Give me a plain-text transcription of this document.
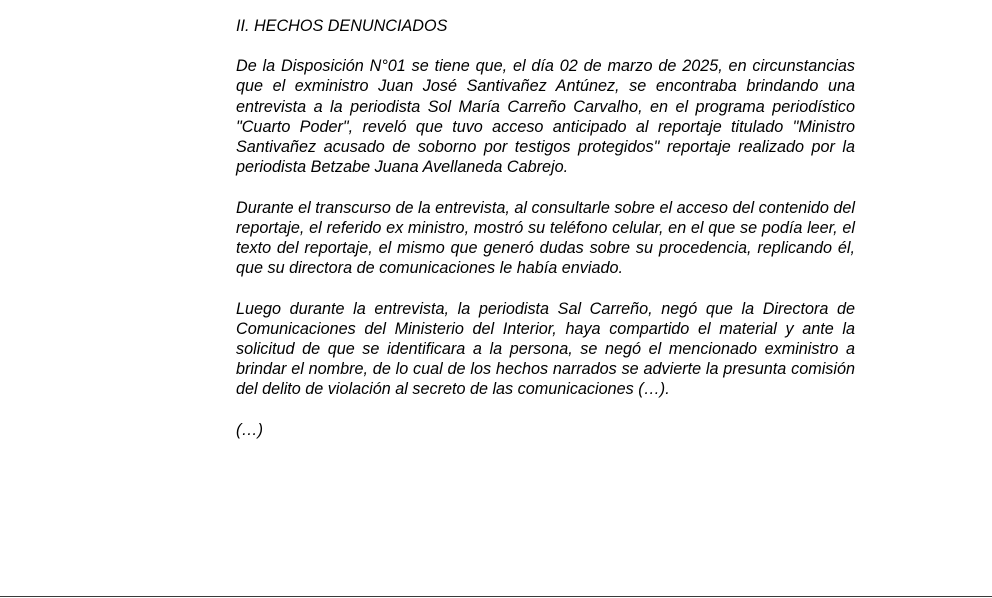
II. HECHOS DENUNCIADOS

De la Disposición N°01 se tiene que, el día 02 de marzo de 2025, en circunstancias que el exministro Juan José Santivañez Antúnez, se encontraba brindando una entrevista a la periodista Sol María Carreño Carvalho, en el programa periodístico "Cuarto Poder", reveló que tuvo acceso anticipado al reportaje titulado "Ministro Santivañez acusado de soborno por testigos protegidos" reportaje realizado por la periodista Betzabe Juana Avellaneda Cabrejo.

Durante el transcurso de la entrevista, al consultarle sobre el acceso del contenido del reportaje, el referido ex ministro, mostró su teléfono celular, en el que se podía leer, el texto del reportaje, el mismo que generó dudas sobre su procedencia, replicando él, que su directora de comunicaciones le había enviado.

Luego durante la entrevista, la periodista Sal Carreño, negó que la Directora de Comunicaciones del Ministerio del Interior, haya compartido el material y ante la solicitud de que se identificara a la persona, se negó el mencionado exministro a brindar el nombre, de lo cual de los hechos narrados se advierte la presunta comisión del delito de violación al secreto de las comunicaciones (…).

(…)
